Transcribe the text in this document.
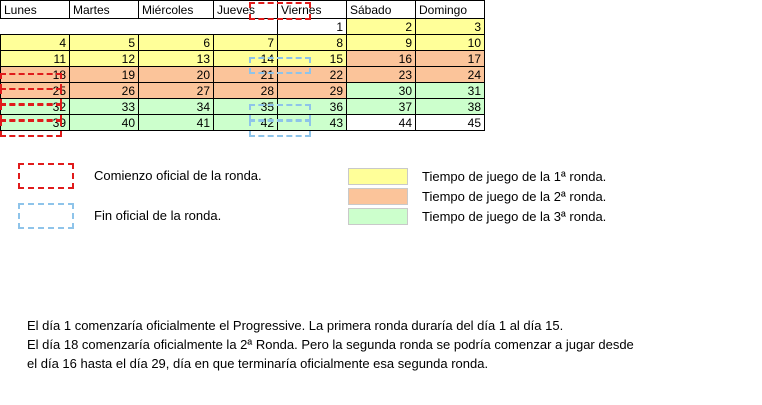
Lunes	Martes	Miércoles	Jueves	Viernes	Sábado	Domingo
				1	2	3
4	5	6	7	8	9	10
11	12	13	14	15	16	17
18	19	20	21	22	23	24
25	26	27	28	29	30	31
32	33	34	35	36	37	38
39	40	41	42	43	44	45
Comienzo oficial de la ronda.
Fin oficial de la ronda.
Tiempo de juego de la 1ª ronda.
Tiempo de juego de la 2ª ronda.
Tiempo de juego de la 3ª ronda.

El día 1 comenzaría oficialmente el Progressive. La primera ronda duraría del día 1 al día 15.

El día 18 comenzaría oficialmente la 2ª Ronda. Pero la segunda ronda se podría comenzar a jugar desde

el día 16 hasta el día 29, día en que terminaría oficialmente esa segunda ronda.
